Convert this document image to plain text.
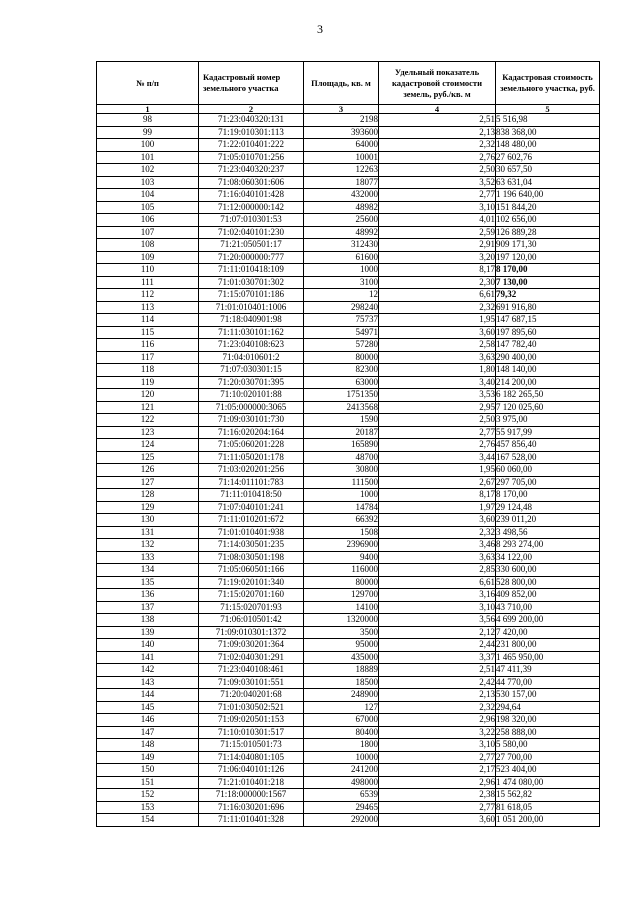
3
№ п/п	Кадастровый номер земельного участка	Площадь, кв. м	Удельный показатель кадастровой стоимости земель, руб./кв. м	Кадастровая стоимость земельного участка, руб.
1	2	3	4	5
98	71:23:040320:131	2198	2,51	5 516,98
99	71:19:010301:113	393600	2,13	838 368,00
100	71:22:010401:222	64000	2,32	148 480,00
101	71:05:010701:256	10001	2,76	27 602,76
102	71:23:040320:237	12263	2,50	30 657,50
103	71:08:060301:606	18077	3,52	63 631,04
104	71:16:040101:428	432000	2,77	1 196 640,00
105	71:12:000000:142	48982	3,10	151 844,20
106	71:07:010301:53	25600	4,01	102 656,00
107	71:02:040101:230	48992	2,59	126 889,28
108	71:21:050501:17	312430	2,91	909 171,30
109	71:20:000000:777	61600	3,20	197 120,00
110	71:11:010418:109	1000	8,17	8 170,00
111	71:01:030701:302	3100	2,30	7 130,00
112	71:15:070101:186	12	6,61	79,32
113	71:01:010401:1006	298240	2,32	691 916,80
114	71:18:040901:98	75737	1,95	147 687,15
115	71:11:030101:162	54971	3,60	197 895,60
116	71:23:040108:623	57280	2,58	147 782,40
117	71:04:010601:2	80000	3,63	290 400,00
118	71:07:030301:15	82300	1,80	148 140,00
119	71:20:030701:395	63000	3,40	214 200,00
120	71:10:020101:88	1751350	3,53	6 182 265,50
121	71:05:000000:3065	2413568	2,95	7 120 025,60
122	71:09:030101:730	1590	2,50	3 975,00
123	71:16:020204:164	20187	2,77	55 917,99
124	71:05:060201:228	165890	2,76	457 856,40
125	71:11:050201:178	48700	3,44	167 528,00
126	71:03:020201:256	30800	1,95	60 060,00
127	71:14:011101:783	111500	2,67	297 705,00
128	71:11:010418:50	1000	8,17	8 170,00
129	71:07:040101:241	14784	1,97	29 124,48
130	71:11:010201:672	66392	3,60	239 011,20
131	71:01:010401:938	1508	2,32	3 498,56
132	71:14:030501:235	2396900	3,46	8 293 274,00
133	71:08:030501:198	9400	3,63	34 122,00
134	71:05:060501:166	116000	2,85	330 600,00
135	71:19:020101:340	80000	6,61	528 800,00
136	71:15:020701:160	129700	3,16	409 852,00
137	71:15:020701:93	14100	3,10	43 710,00
138	71:06:010501:42	1320000	3,56	4 699 200,00
139	71:09:010301:1372	3500	2,12	7 420,00
140	71:09:030201:364	95000	2,44	231 800,00
141	71:02:040301:291	435000	3,37	1 465 950,00
142	71:23:040108:461	18889	2,51	47 411,39
143	71:09:030101:551	18500	2,42	44 770,00
144	71:20:040201:68	248900	2,13	530 157,00
145	71:01:030502:521	127	2,32	294,64
146	71:09:020501:153	67000	2,96	198 320,00
147	71:10:010301:517	80400	3,22	258 888,00
148	71:15:010501:73	1800	3,10	5 580,00
149	71:14:040801:105	10000	2,77	27 700,00
150	71:06:040101:126	241200	2,17	523 404,00
151	71:21:010401:218	498000	2,96	1 474 080,00
152	71:18:000000:1567	6539	2,38	15 562,82
153	71:16:030201:696	29465	2,77	81 618,05
154	71:11:010401:328	292000	3,60	1 051 200,00
